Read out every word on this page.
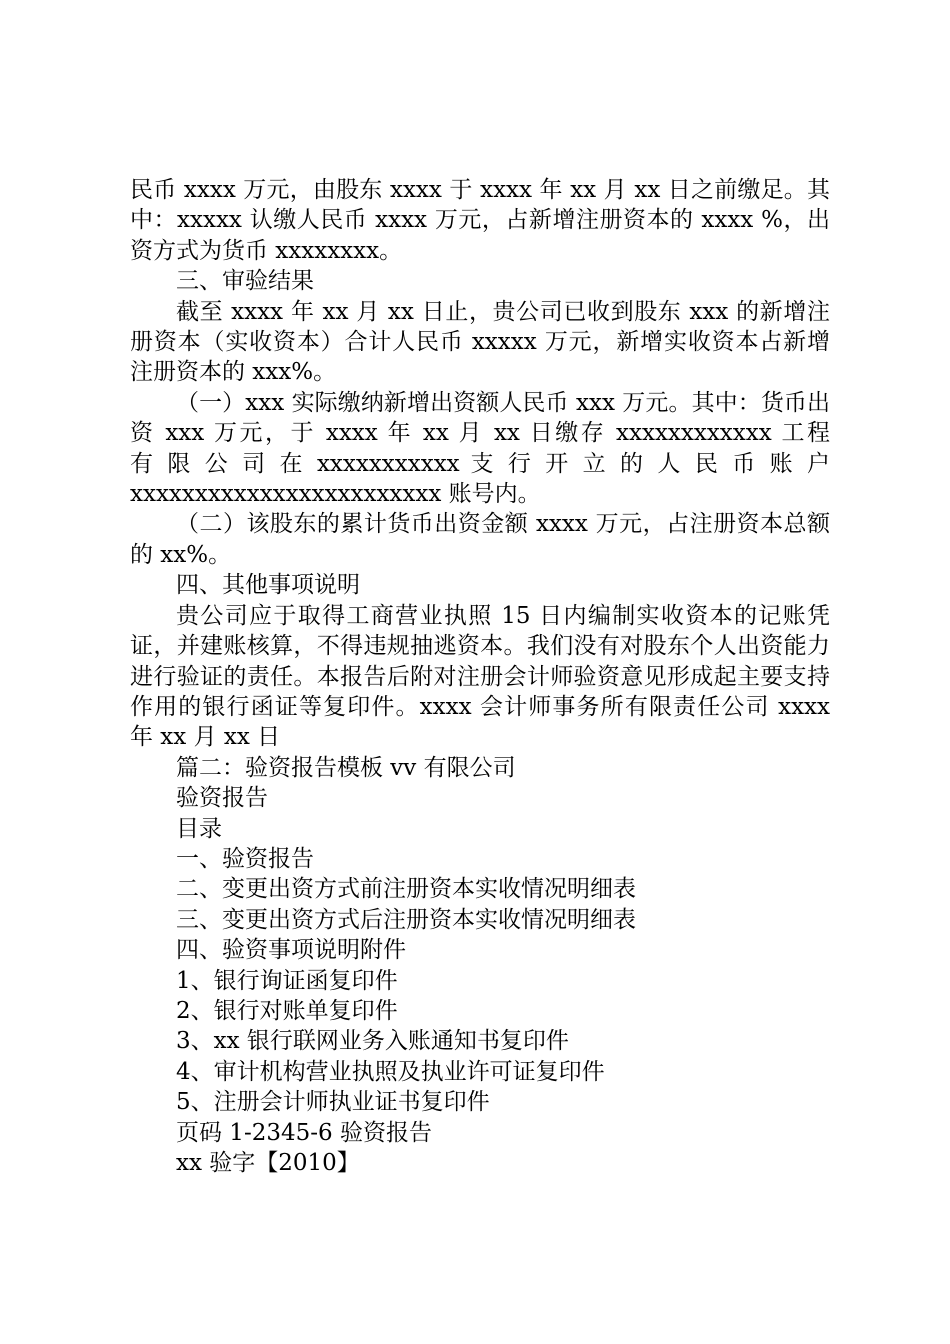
民币 xxxx 万元，由股东 xxxx 于 xxxx 年 xx 月 xx 日之前缴足。其中：xxxxx 认缴人民币 xxxx 万元，占新增注册资本的 xxxx %，出资方式为货币 xxxxxxxx。

三、审验结果

截至 xxxx 年 xx 月 xx 日止，贵公司已收到股东 xxx 的新增注册资本（实收资本）合计人民币 xxxxx 万元，新增实收资本占新增注册资本的 xxx%。

（一）xxx 实际缴纳新增出资额人民币 xxx 万元。其中：货币出资 xxx 万元，于 xxxx 年 xx 月 xx 日缴存 xxxxxxxxxxxx 工程

有 限 公 司 在 xxxxxxxxxxx 支 行 开 立 的 人 民 币 账 户

xxxxxxxxxxxxxxxxxxxxxxxx 账号内。

（二）该股东的累计货币出资金额 xxxx 万元，占注册资本总额的 xx%。

四、其他事项说明

贵公司应于取得工商营业执照 15 日内编制实收资本的记账凭证，并建账核算，不得违规抽逃资本。我们没有对股东个人出资能力进行验证的责任。本报告后附对注册会计师验资意见形成起主要支持作用的银行函证等复印件。xxxx 会计师事务所有限责任公司 xxxx 年 xx 月 xx 日

篇二：验资报告模板 vv 有限公司

验资报告

目录

一、验资报告

二、变更出资方式前注册资本实收情况明细表

三、变更出资方式后注册资本实收情况明细表

四、验资事项说明附件

1、银行询证函复印件

2、银行对账单复印件

3、xx 银行联网业务入账通知书复印件

4、审计机构营业执照及执业许可证复印件

5、注册会计师执业证书复印件

页码 1-2345-6 验资报告

xx 验字【2010】
